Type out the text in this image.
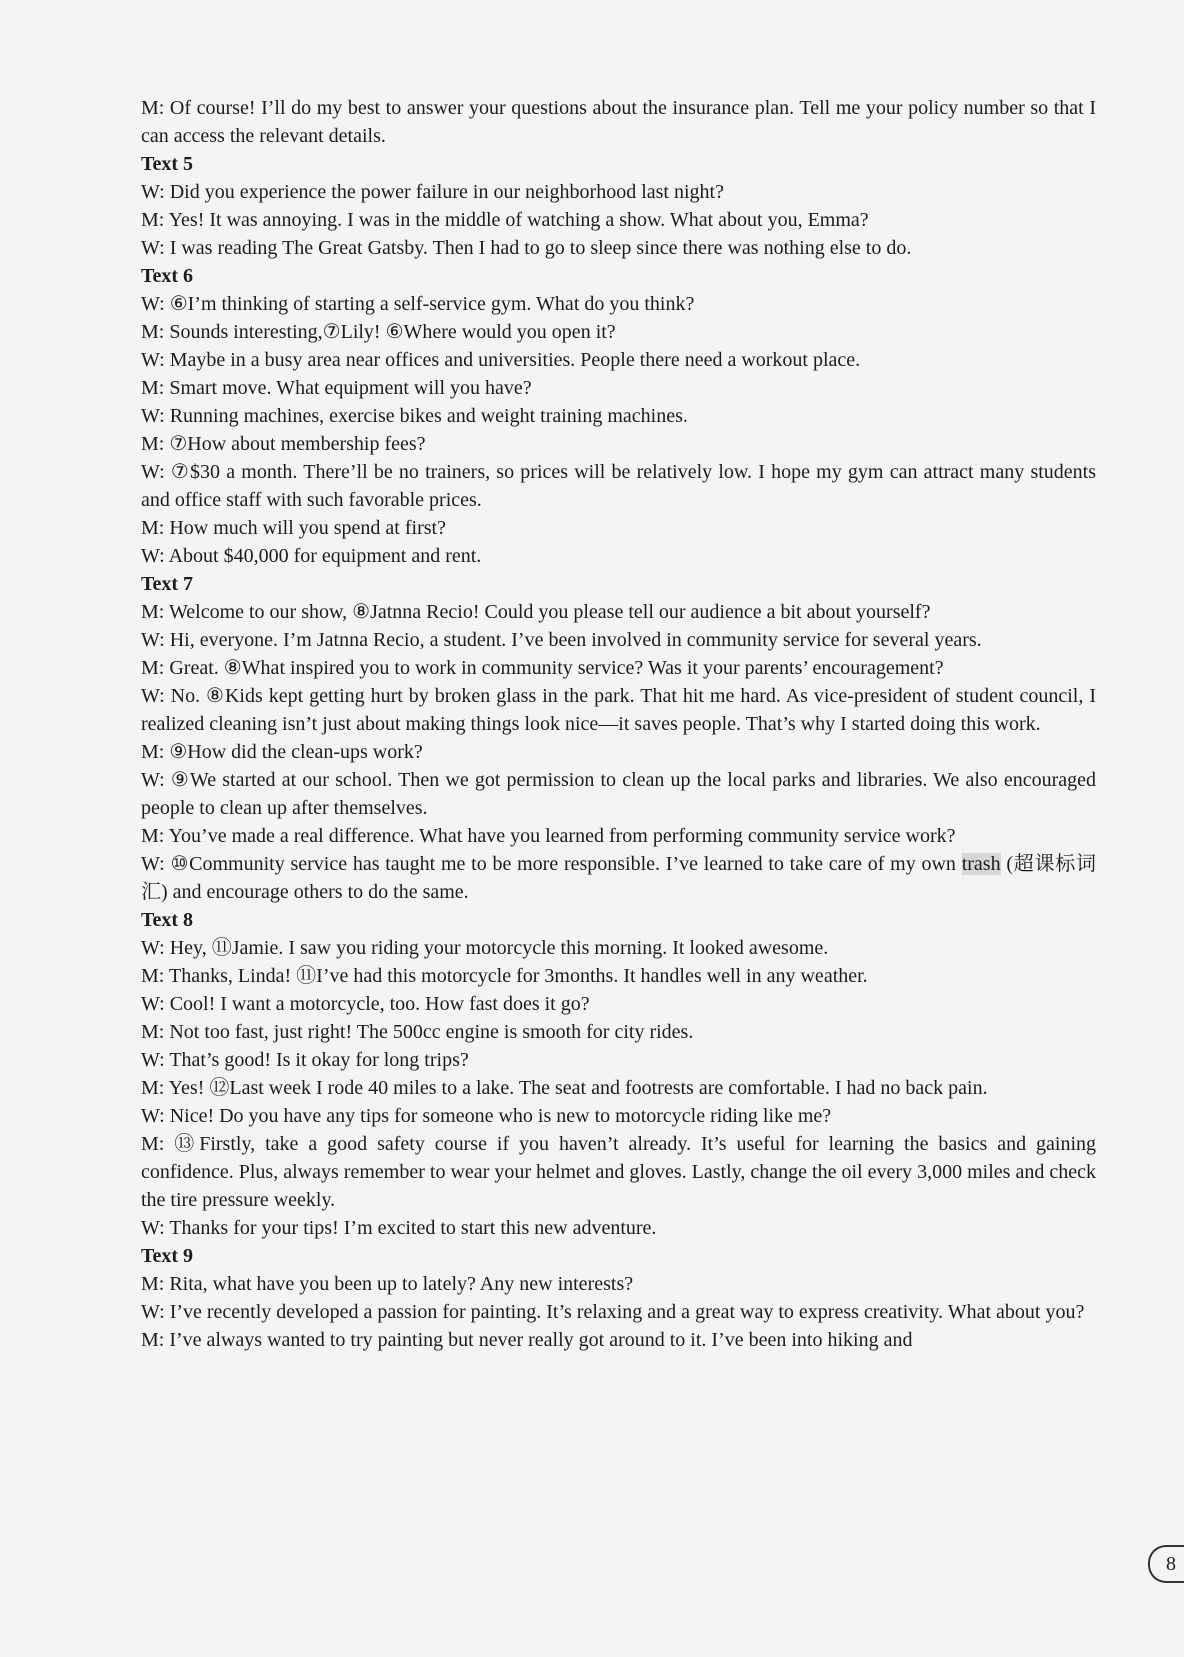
M: Of course! I’ll do my best to answer your questions about the insurance plan. Tell me your policy number so that I can access the relevant details.
Text 5
W: Did you experience the power failure in our neighborhood last night?
M: Yes! It was annoying. I was in the middle of watching a show. What about you, Emma?
W: I was reading The Great Gatsby. Then I had to go to sleep since there was nothing else to do.
Text 6
W: ⑥I’m thinking of starting a self-service gym. What do you think?
M: Sounds interesting,⑦Lily! ⑥Where would you open it?
W: Maybe in a busy area near offices and universities. People there need a workout place.
M: Smart move. What equipment will you have?
W: Running machines, exercise bikes and weight training machines.
M: ⑦How about membership fees?
W: ⑦$30 a month. There’ll be no trainers, so prices will be relatively low. I hope my gym can attract many students and office staff with such favorable prices.
M: How much will you spend at first?
W: About $40,000 for equipment and rent.
Text 7
M: Welcome to our show, ⑧Jatnna Recio! Could you please tell our audience a bit about yourself?
W: Hi, everyone. I’m Jatnna Recio, a student. I’ve been involved in community service for several years.
M: Great. ⑧What inspired you to work in community service? Was it your parents’ encouragement?
W: No. ⑧Kids kept getting hurt by broken glass in the park. That hit me hard. As vice-president of student council, I realized cleaning isn’t just about making things look nice—it saves people. That’s why I started doing this work.
M: ⑨How did the clean-ups work?
W: ⑨We started at our school. Then we got permission to clean up the local parks and libraries. We also encouraged people to clean up after themselves.
M: You’ve made a real difference. What have you learned from performing community service work?
W: ⑩Community service has taught me to be more responsible. I’ve learned to take care of my own trash (超课标词汇) and encourage others to do the same.
Text 8
W: Hey, ⑪Jamie. I saw you riding your motorcycle this morning. It looked awesome.
M: Thanks, Linda! ⑪I’ve had this motorcycle for 3months. It handles well in any weather.
W: Cool! I want a motorcycle, too. How fast does it go?
M: Not too fast, just right! The 500cc engine is smooth for city rides.
W: That’s good! Is it okay for long trips?
M: Yes! ⑫Last week I rode 40 miles to a lake. The seat and footrests are comfortable. I had no back pain.
W: Nice! Do you have any tips for someone who is new to motorcycle riding like me?
M: ⑬Firstly, take a good safety course if you haven’t already. It’s useful for learning the basics and gaining confidence. Plus, always remember to wear your helmet and gloves. Lastly, change the oil every 3,000 miles and check the tire pressure weekly.
W: Thanks for your tips! I’m excited to start this new adventure.
Text 9
M: Rita, what have you been up to lately? Any new interests?
W: I’ve recently developed a passion for painting. It’s relaxing and a great way to express creativity. What about you?
M: I’ve always wanted to try painting but never really got around to it. I’ve been into hiking and
8
